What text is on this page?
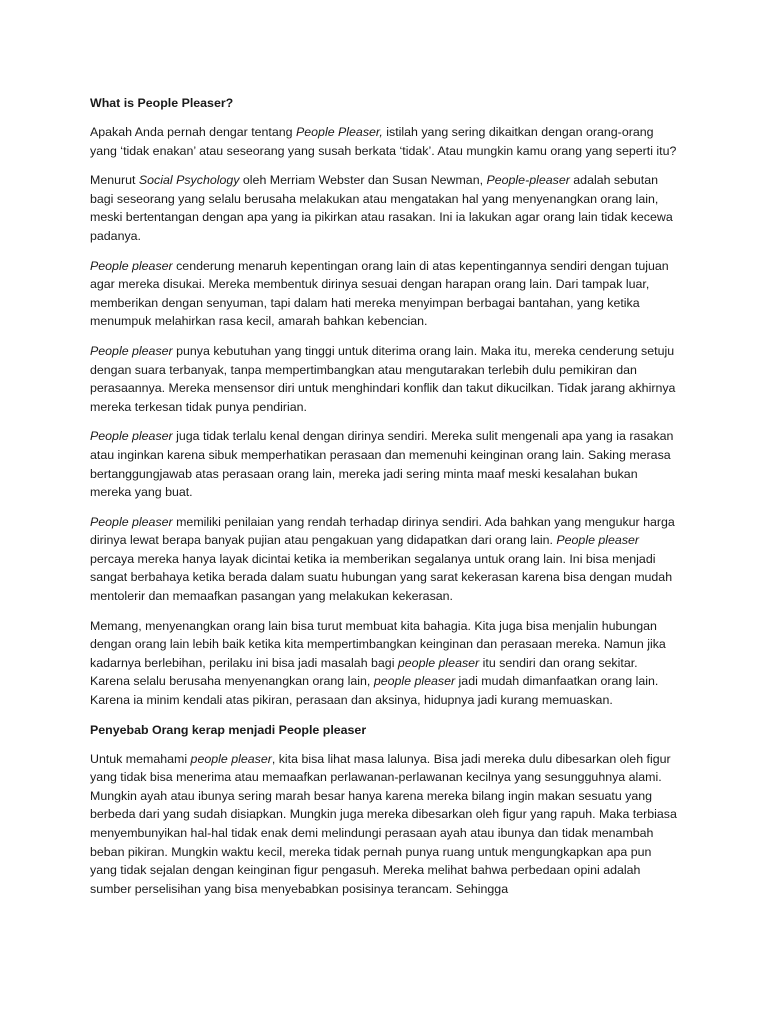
What is People Pleaser?

Apakah Anda pernah dengar tentang People Pleaser, istilah yang sering dikaitkan dengan orang-orang yang ‘tidak enakan’ atau seseorang yang susah berkata ‘tidak’. Atau mungkin kamu orang yang seperti itu?

Menurut Social Psychology oleh Merriam Webster dan Susan Newman, People-pleaser adalah sebutan bagi seseorang yang selalu berusaha melakukan atau mengatakan hal yang menyenangkan orang lain, meski bertentangan dengan apa yang ia pikirkan atau rasakan. Ini ia lakukan agar orang lain tidak kecewa padanya.

People pleaser cenderung menaruh kepentingan orang lain di atas kepentingannya sendiri dengan tujuan agar mereka disukai. Mereka membentuk dirinya sesuai dengan harapan orang lain. Dari tampak luar, memberikan dengan senyuman, tapi dalam hati mereka menyimpan berbagai bantahan, yang ketika menumpuk melahirkan rasa kecil, amarah bahkan kebencian.

People pleaser punya kebutuhan yang tinggi untuk diterima orang lain. Maka itu, mereka cenderung setuju dengan suara terbanyak, tanpa mempertimbangkan atau mengutarakan terlebih dulu pemikiran dan perasaannya. Mereka mensensor diri untuk menghindari konflik dan takut dikucilkan. Tidak jarang akhirnya mereka terkesan tidak punya pendirian.

People pleaser juga tidak terlalu kenal dengan dirinya sendiri. Mereka sulit mengenali apa yang ia rasakan atau inginkan karena sibuk memperhatikan perasaan dan memenuhi keinginan orang lain. Saking merasa bertanggungjawab atas perasaan orang lain, mereka jadi sering minta maaf meski kesalahan bukan mereka yang buat.

People pleaser memiliki penilaian yang rendah terhadap dirinya sendiri. Ada bahkan yang mengukur harga dirinya lewat berapa banyak pujian atau pengakuan yang didapatkan dari orang lain. People pleaser percaya mereka hanya layak dicintai ketika ia memberikan segalanya untuk orang lain. Ini bisa menjadi sangat berbahaya ketika berada dalam suatu hubungan yang sarat kekerasan karena bisa dengan mudah mentolerir dan memaafkan pasangan yang melakukan kekerasan.

Memang, menyenangkan orang lain bisa turut membuat kita bahagia. Kita juga bisa menjalin hubungan dengan orang lain lebih baik ketika kita mempertimbangkan keinginan dan perasaan mereka. Namun jika kadarnya berlebihan, perilaku ini bisa jadi masalah bagi people pleaser itu sendiri dan orang sekitar. Karena selalu berusaha menyenangkan orang lain, people pleaser jadi mudah dimanfaatkan orang lain. Karena ia minim kendali atas pikiran, perasaan dan aksinya, hidupnya jadi kurang memuaskan.

Penyebab Orang kerap menjadi People pleaser

Untuk memahami people pleaser, kita bisa lihat masa lalunya. Bisa jadi mereka dulu dibesarkan oleh figur yang tidak bisa menerima atau memaafkan perlawanan-perlawanan kecilnya yang sesungguhnya alami. Mungkin ayah atau ibunya sering marah besar hanya karena mereka bilang ingin makan sesuatu yang berbeda dari yang sudah disiapkan. Mungkin juga mereka dibesarkan oleh figur yang rapuh. Maka terbiasa menyembunyikan hal-hal tidak enak demi melindungi perasaan ayah atau ibunya dan tidak menambah beban pikiran. Mungkin waktu kecil, mereka tidak pernah punya ruang untuk mengungkapkan apa pun yang tidak sejalan dengan keinginan figur pengasuh. Mereka melihat bahwa perbedaan opini adalah sumber perselisihan yang bisa menyebabkan posisinya terancam. Sehingga
